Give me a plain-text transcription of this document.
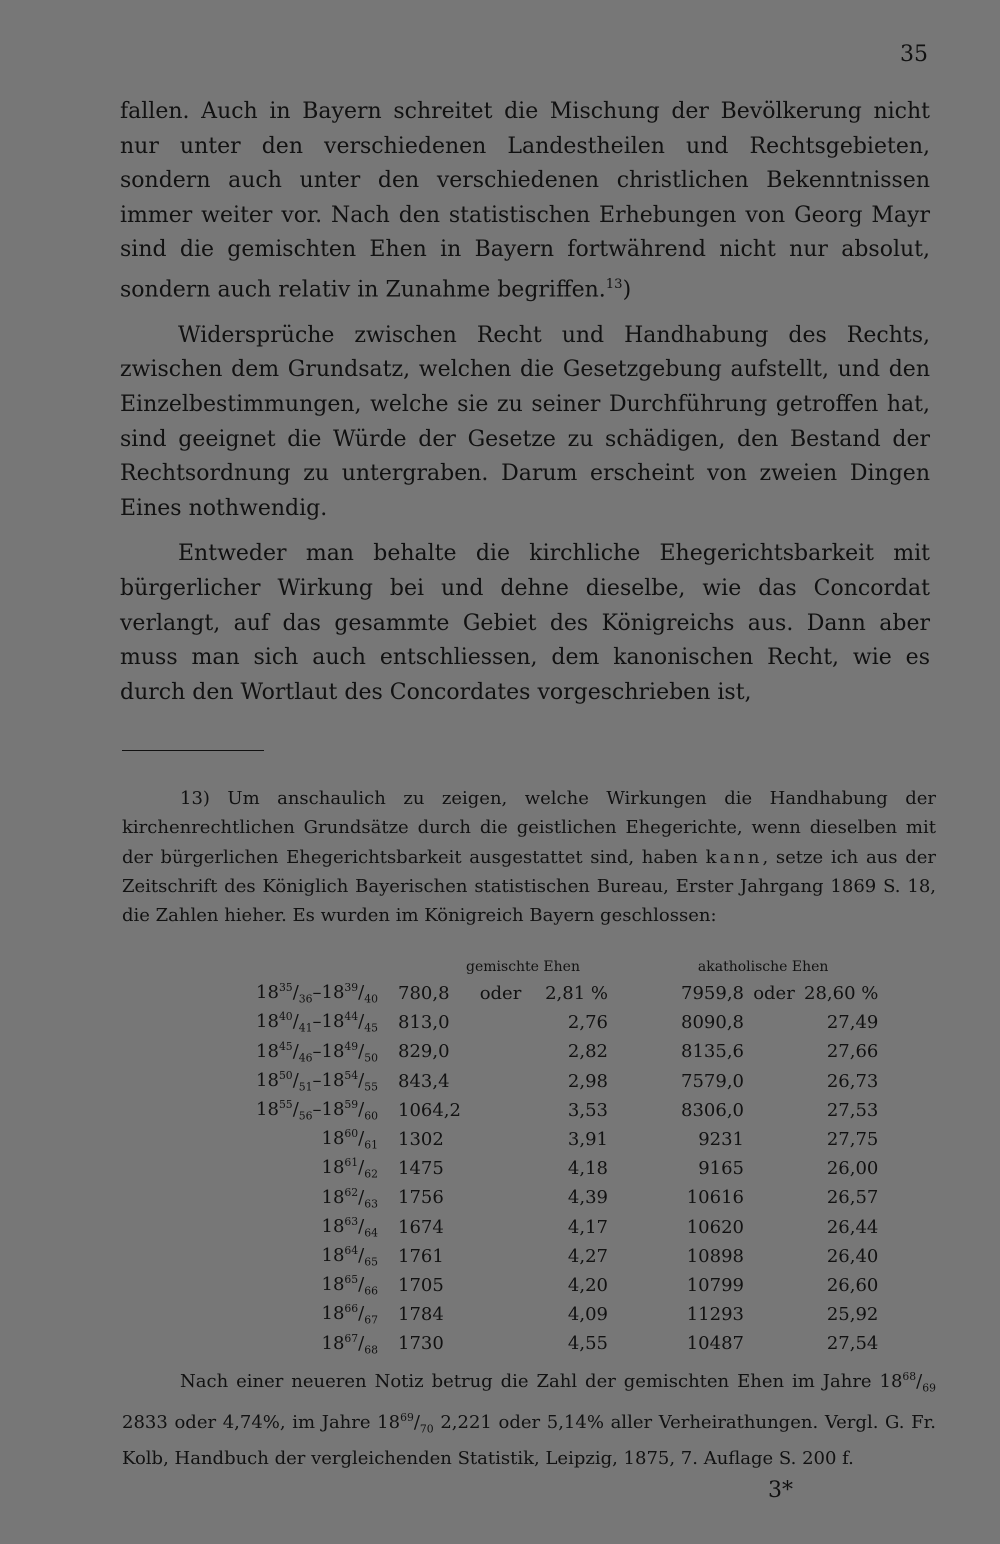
35

fallen. Auch in Bayern schreitet die Mischung der Bevölkerung nicht nur unter den verschiedenen Landestheilen und Rechtsgebieten, sondern auch unter den verschiedenen christlichen Bekenntnissen immer weiter vor. Nach den statistischen Erhebungen von Georg Mayr sind die gemischten Ehen in Bayern fortwährend nicht nur absolut, sondern auch relativ in Zunahme begriffen.$^{13}$)

Widersprüche zwischen Recht und Handhabung des Rechts, zwischen dem Grundsatz, welchen die Gesetzgebung aufstellt, und den Einzelbestimmungen, welche sie zu seiner Durchführung getroffen hat, sind geeignet die Würde der Gesetze zu schädigen, den Bestand der Rechtsordnung zu untergraben. Darum erscheint von zweien Dingen Eines nothwendig.

Entweder man behalte die kirchliche Ehegerichtsbarkeit mit bürgerlicher Wirkung bei und dehne dieselbe, wie das Concordat verlangt, auf das gesammte Gebiet des Königreichs aus. Dann aber muss man sich auch entschliessen, dem kanonischen Recht, wie es durch den Wortlaut des Concordates vorgeschrieben ist,

13) Um anschaulich zu zeigen, welche Wirkungen die Handhabung der kirchenrechtlichen Grundsätze durch die geistlichen Ehegerichte, wenn dieselben mit der bürgerlichen Ehegerichtsbarkeit ausgestattet sind, haben kann, setze ich aus der Zeitschrift des Königlich Bayerischen statistischen Bureau, Erster Jahrgang 1869 S. 18, die Zahlen hieher. Es wurden im Königreich Bayern geschlossen:

	gemischte Ehen			akatholische Ehen		
$18^{35}/_{36}-18^{39}/_{40}$	780,8	oder	2,81 %	7959,8	oder	28,60 %
$18^{40}/_{41}-18^{44}/_{45}$	813,0		2,76	8090,8		27,49
$18^{45}/_{46}-18^{49}/_{50}$	829,0		2,82	8135,6		27,66
$18^{50}/_{51}-18^{54}/_{55}$	843,4		2,98	7579,0		26,73
$18^{55}/_{56}-18^{59}/_{60}$	1064,2		3,53	8306,0		27,53
$18^{60}/_{61}$	1302		3,91	9231		27,75
$18^{61}/_{62}$	1475		4,18	9165		26,00
$18^{62}/_{63}$	1756		4,39	10616		26,57
$18^{63}/_{64}$	1674		4,17	10620		26,44
$18^{64}/_{65}$	1761		4,27	10898		26,40
$18^{65}/_{66}$	1705		4,20	10799		26,60
$18^{66}/_{67}$	1784		4,09	11293		25,92
$18^{67}/_{68}$	1730		4,55	10487		27,54

Nach einer neueren Notiz betrug die Zahl der gemischten Ehen im Jahre $18^{68}/_{69}$ 2833 oder 4,74%, im Jahre $18^{69}/_{70}$ 2,221 oder 5,14% aller Verheirathungen. Vergl. G. Fr. Kolb, Handbuch der vergleichenden Statistik, Leipzig, 1875, 7. Auflage S. 200 f.

3*
